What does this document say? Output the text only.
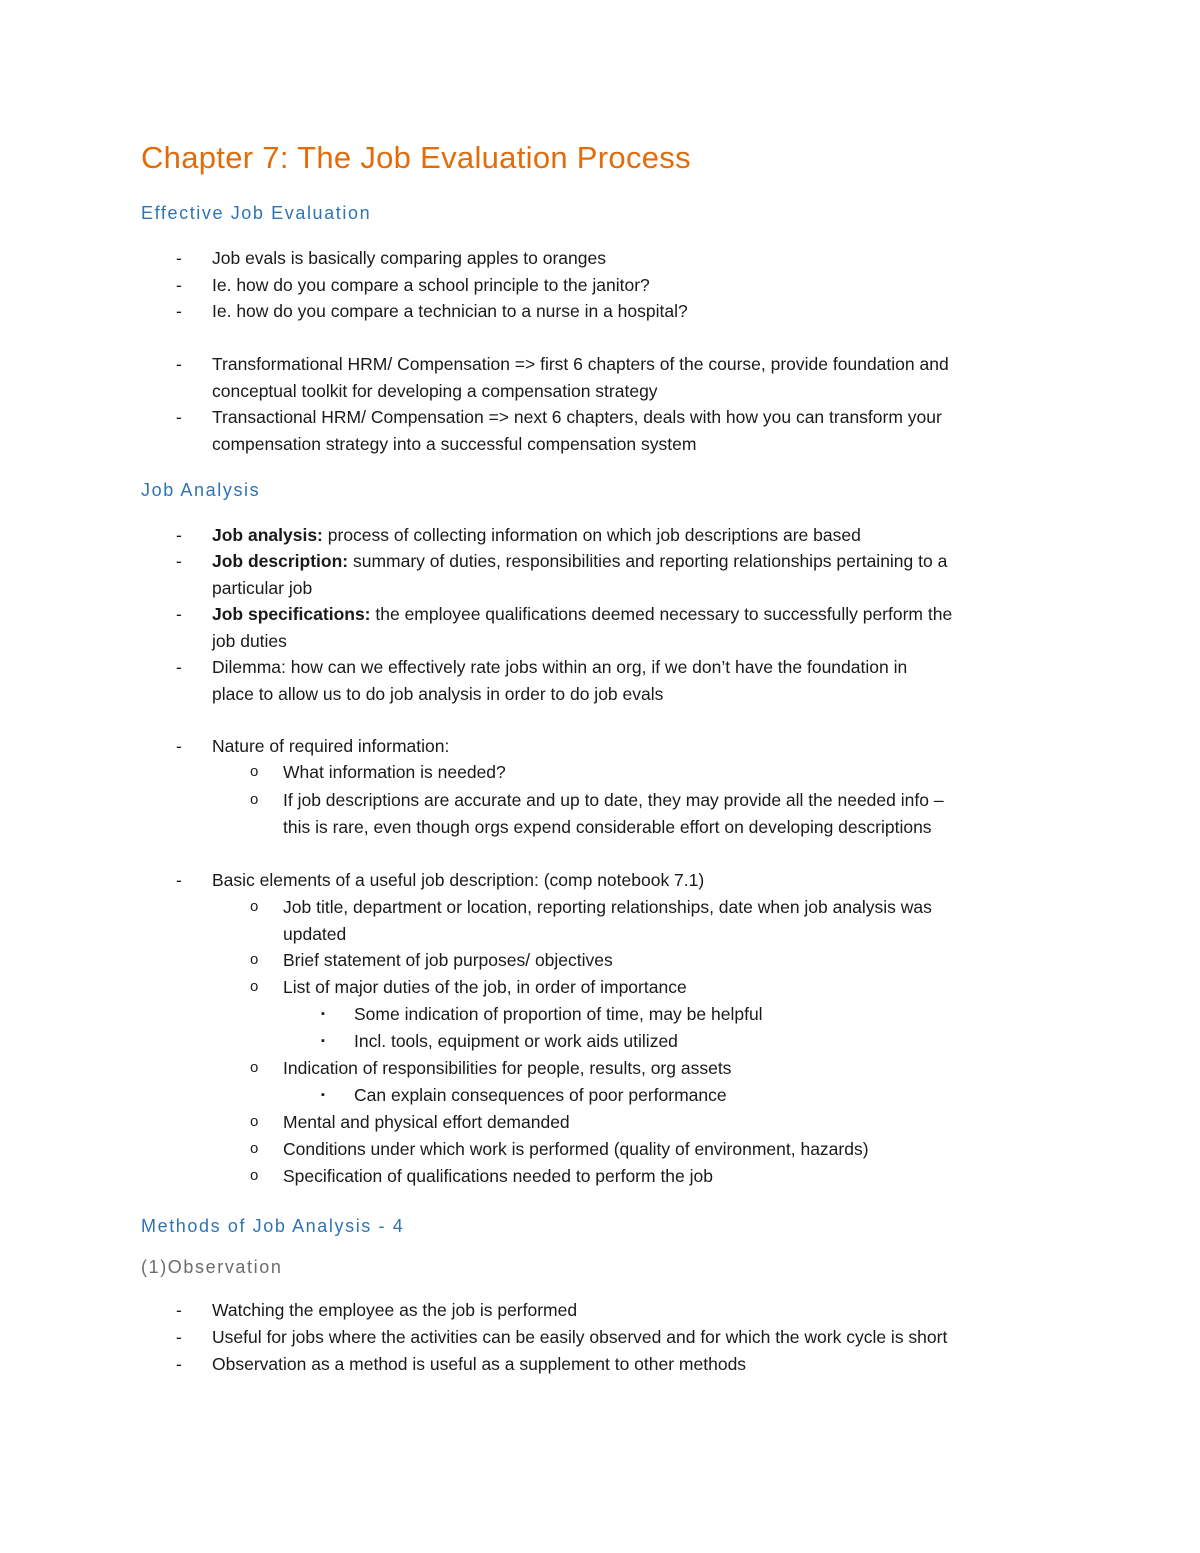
Chapter 7: The Job Evaluation Process
Effective Job Evaluation
- Job evals is basically comparing apples to oranges
- Ie. how do you compare a school principle to the janitor?
- Ie. how do you compare a technician to a nurse in a hospital?
- Transformational HRM/ Compensation => first 6 chapters of the course, provide foundation and
conceptual toolkit for developing a compensation strategy
- Transactional HRM/ Compensation => next 6 chapters, deals with how you can transform your
compensation strategy into a successful compensation system
Job Analysis
- Job analysis: process of collecting information on which job descriptions are based
- Job description: summary of duties, responsibilities and reporting relationships pertaining to a
particular job
- Job specifications: the employee qualifications deemed necessary to successfully perform the
job duties
- Dilemma: how can we effectively rate jobs within an org, if we don’t have the foundation in
place to allow us to do job analysis in order to do job evals
- Nature of required information:
o What information is needed?
o If job descriptions are accurate and up to date, they may provide all the needed info –
this is rare, even though orgs expend considerable effort on developing descriptions
- Basic elements of a useful job description: (comp notebook 7.1)
o Job title, department or location, reporting relationships, date when job analysis was
updated
o Brief statement of job purposes/ objectives
o List of major duties of the job, in order of importance
▪ Some indication of proportion of time, may be helpful
▪ Incl. tools, equipment or work aids utilized
o Indication of responsibilities for people, results, org assets
▪ Can explain consequences of poor performance
o Mental and physical effort demanded
o Conditions under which work is performed (quality of environment, hazards)
o Specification of qualifications needed to perform the job
Methods of Job Analysis - 4
(1)Observation
- Watching the employee as the job is performed
- Useful for jobs where the activities can be easily observed and for which the work cycle is short
- Observation as a method is useful as a supplement to other methods
